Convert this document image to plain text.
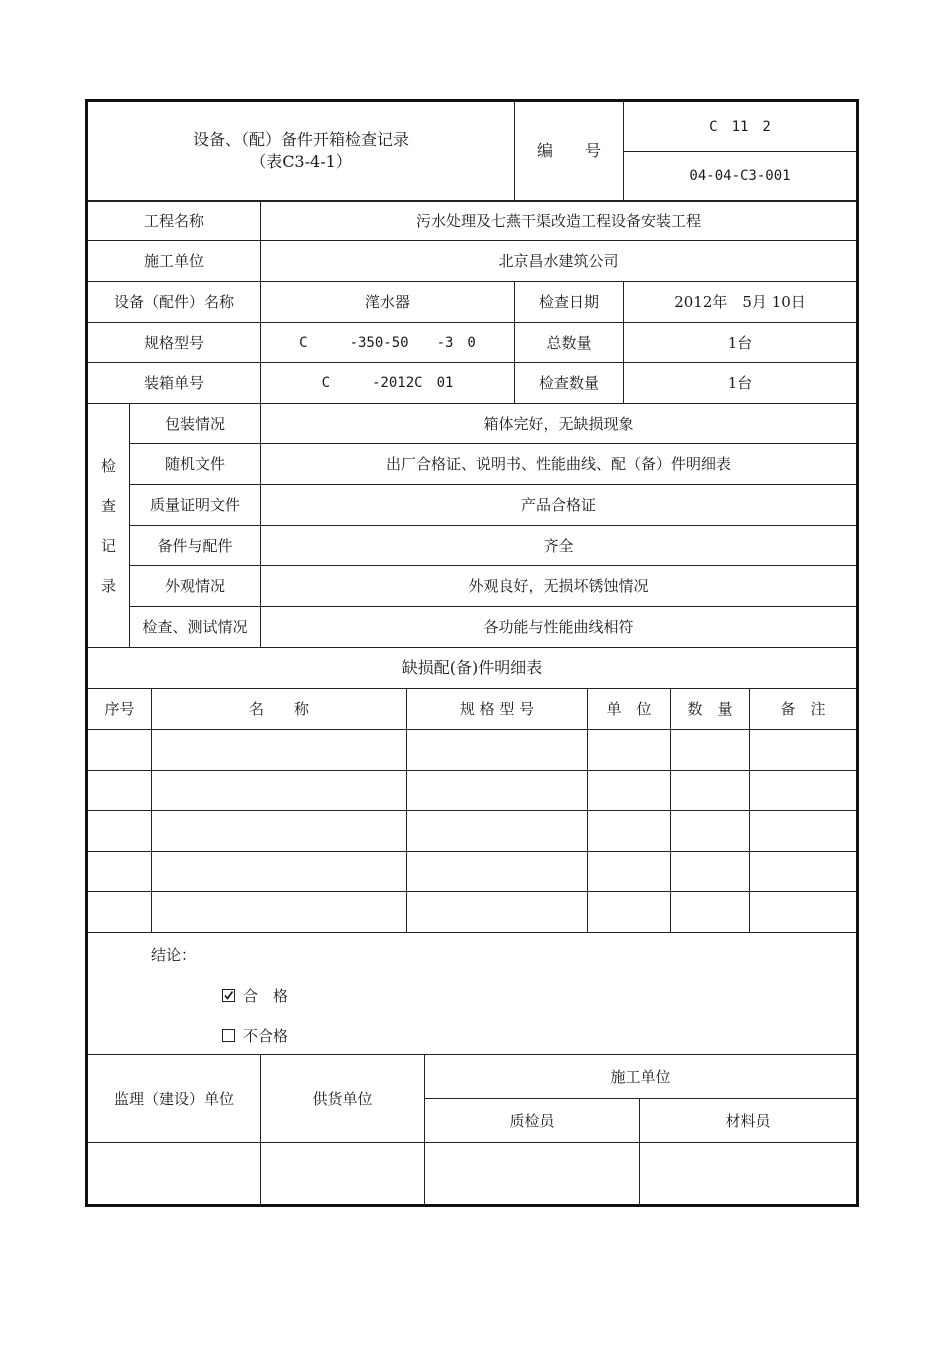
设备、（配）备件开箱检查记录
（表C3-4-1）
编　　号
C　11　2
04-04-C3-001
工程名称	污水处理及七燕干渠改造工程设备安装工程
施工单位	北京昌水建筑公司
设备（配件）名称	滗水器	检查日期	2012年　5月 10日
规格型号	C　　　-350-50　　-3　0	总数量	1台
装箱单号	C　　　-2012C　01	检查数量	1台
检
查
记
录
包装情况	箱体完好，无缺损现象
随机文件	出厂合格证、说明书、性能曲线、配（备）件明细表
质量证明文件	产品合格证
备件与配件	齐全
外观情况	外观良好，无损坏锈蚀情况
检查、测试情况	各功能与性能曲线相符
缺损配(备)件明细表
序号	名　　称	规 格 型 号	单　位	数　量	备　注
结论：
合　格
不合格
监理（建设）单位	供货单位
施工单位
质检员	材料员
